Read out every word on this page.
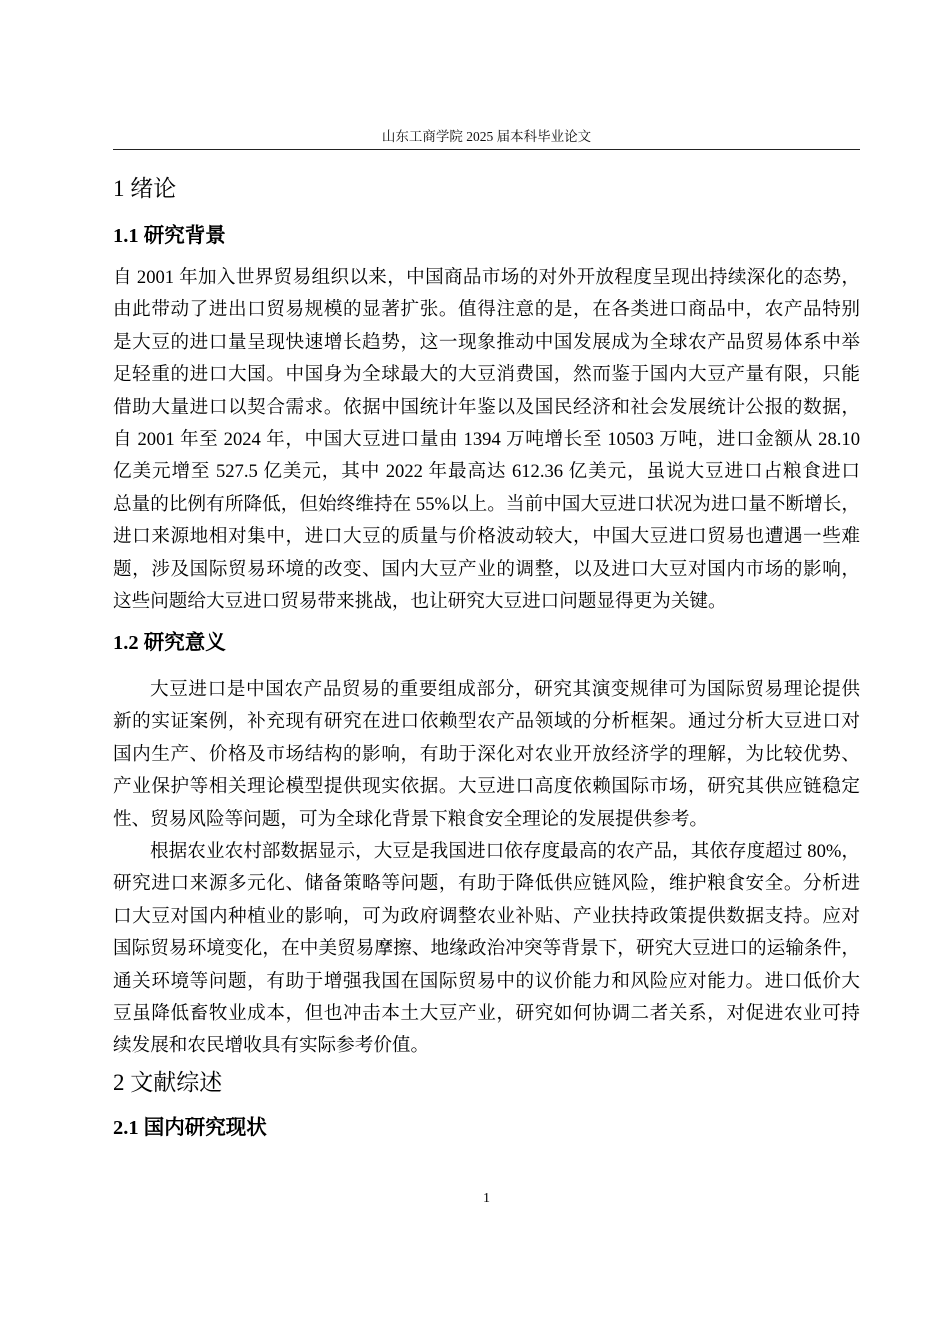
山东工商学院 2025 届本科毕业论文
1 绪论
1.1 研究背景
自 2001 年加入世界贸易组织以来，中国商品市场的对外开放程度呈现出持续深化的态势，
由此带动了进出口贸易规模的显著扩张。值得注意的是，在各类进口商品中，农产品特别
是大豆的进口量呈现快速增长趋势，这一现象推动中国发展成为全球农产品贸易体系中举
足轻重的进口大国。中国身为全球最大的大豆消费国，然而鉴于国内大豆产量有限，只能
借助大量进口以契合需求。依据中国统计年鉴以及国民经济和社会发展统计公报的数据，
自 2001 年至 2024 年，中国大豆进口量由 1394 万吨增长至 10503 万吨，进口金额从 28.10
亿美元增至 527.5 亿美元，其中 2022 年最高达 612.36 亿美元，虽说大豆进口占粮食进口
总量的比例有所降低，但始终维持在 55%以上。当前中国大豆进口状况为进口量不断增长，
进口来源地相对集中，进口大豆的质量与价格波动较大，中国大豆进口贸易也遭遇一些难
题，涉及国际贸易环境的改变、国内大豆产业的调整，以及进口大豆对国内市场的影响，
这些问题给大豆进口贸易带来挑战，也让研究大豆进口问题显得更为关键。
1.2 研究意义
大豆进口是中国农产品贸易的重要组成部分，研究其演变规律可为国际贸易理论提供
新的实证案例，补充现有研究在进口依赖型农产品领域的分析框架。通过分析大豆进口对
国内生产、价格及市场结构的影响，有助于深化对农业开放经济学的理解，为比较优势、
产业保护等相关理论模型提供现实依据。大豆进口高度依赖国际市场，研究其供应链稳定
性、贸易风险等问题，可为全球化背景下粮食安全理论的发展提供参考。
根据农业农村部数据显示，大豆是我国进口依存度最高的农产品，其依存度超过 80%，
研究进口来源多元化、储备策略等问题，有助于降低供应链风险，维护粮食安全。分析进
口大豆对国内种植业的影响，可为政府调整农业补贴、产业扶持政策提供数据支持。应对
国际贸易环境变化，在中美贸易摩擦、地缘政治冲突等背景下，研究大豆进口的运输条件，
通关环境等问题，有助于增强我国在国际贸易中的议价能力和风险应对能力。进口低价大
豆虽降低畜牧业成本，但也冲击本土大豆产业，研究如何协调二者关系，对促进农业可持
续发展和农民增收具有实际参考价值。
2 文献综述
2.1 国内研究现状
1
